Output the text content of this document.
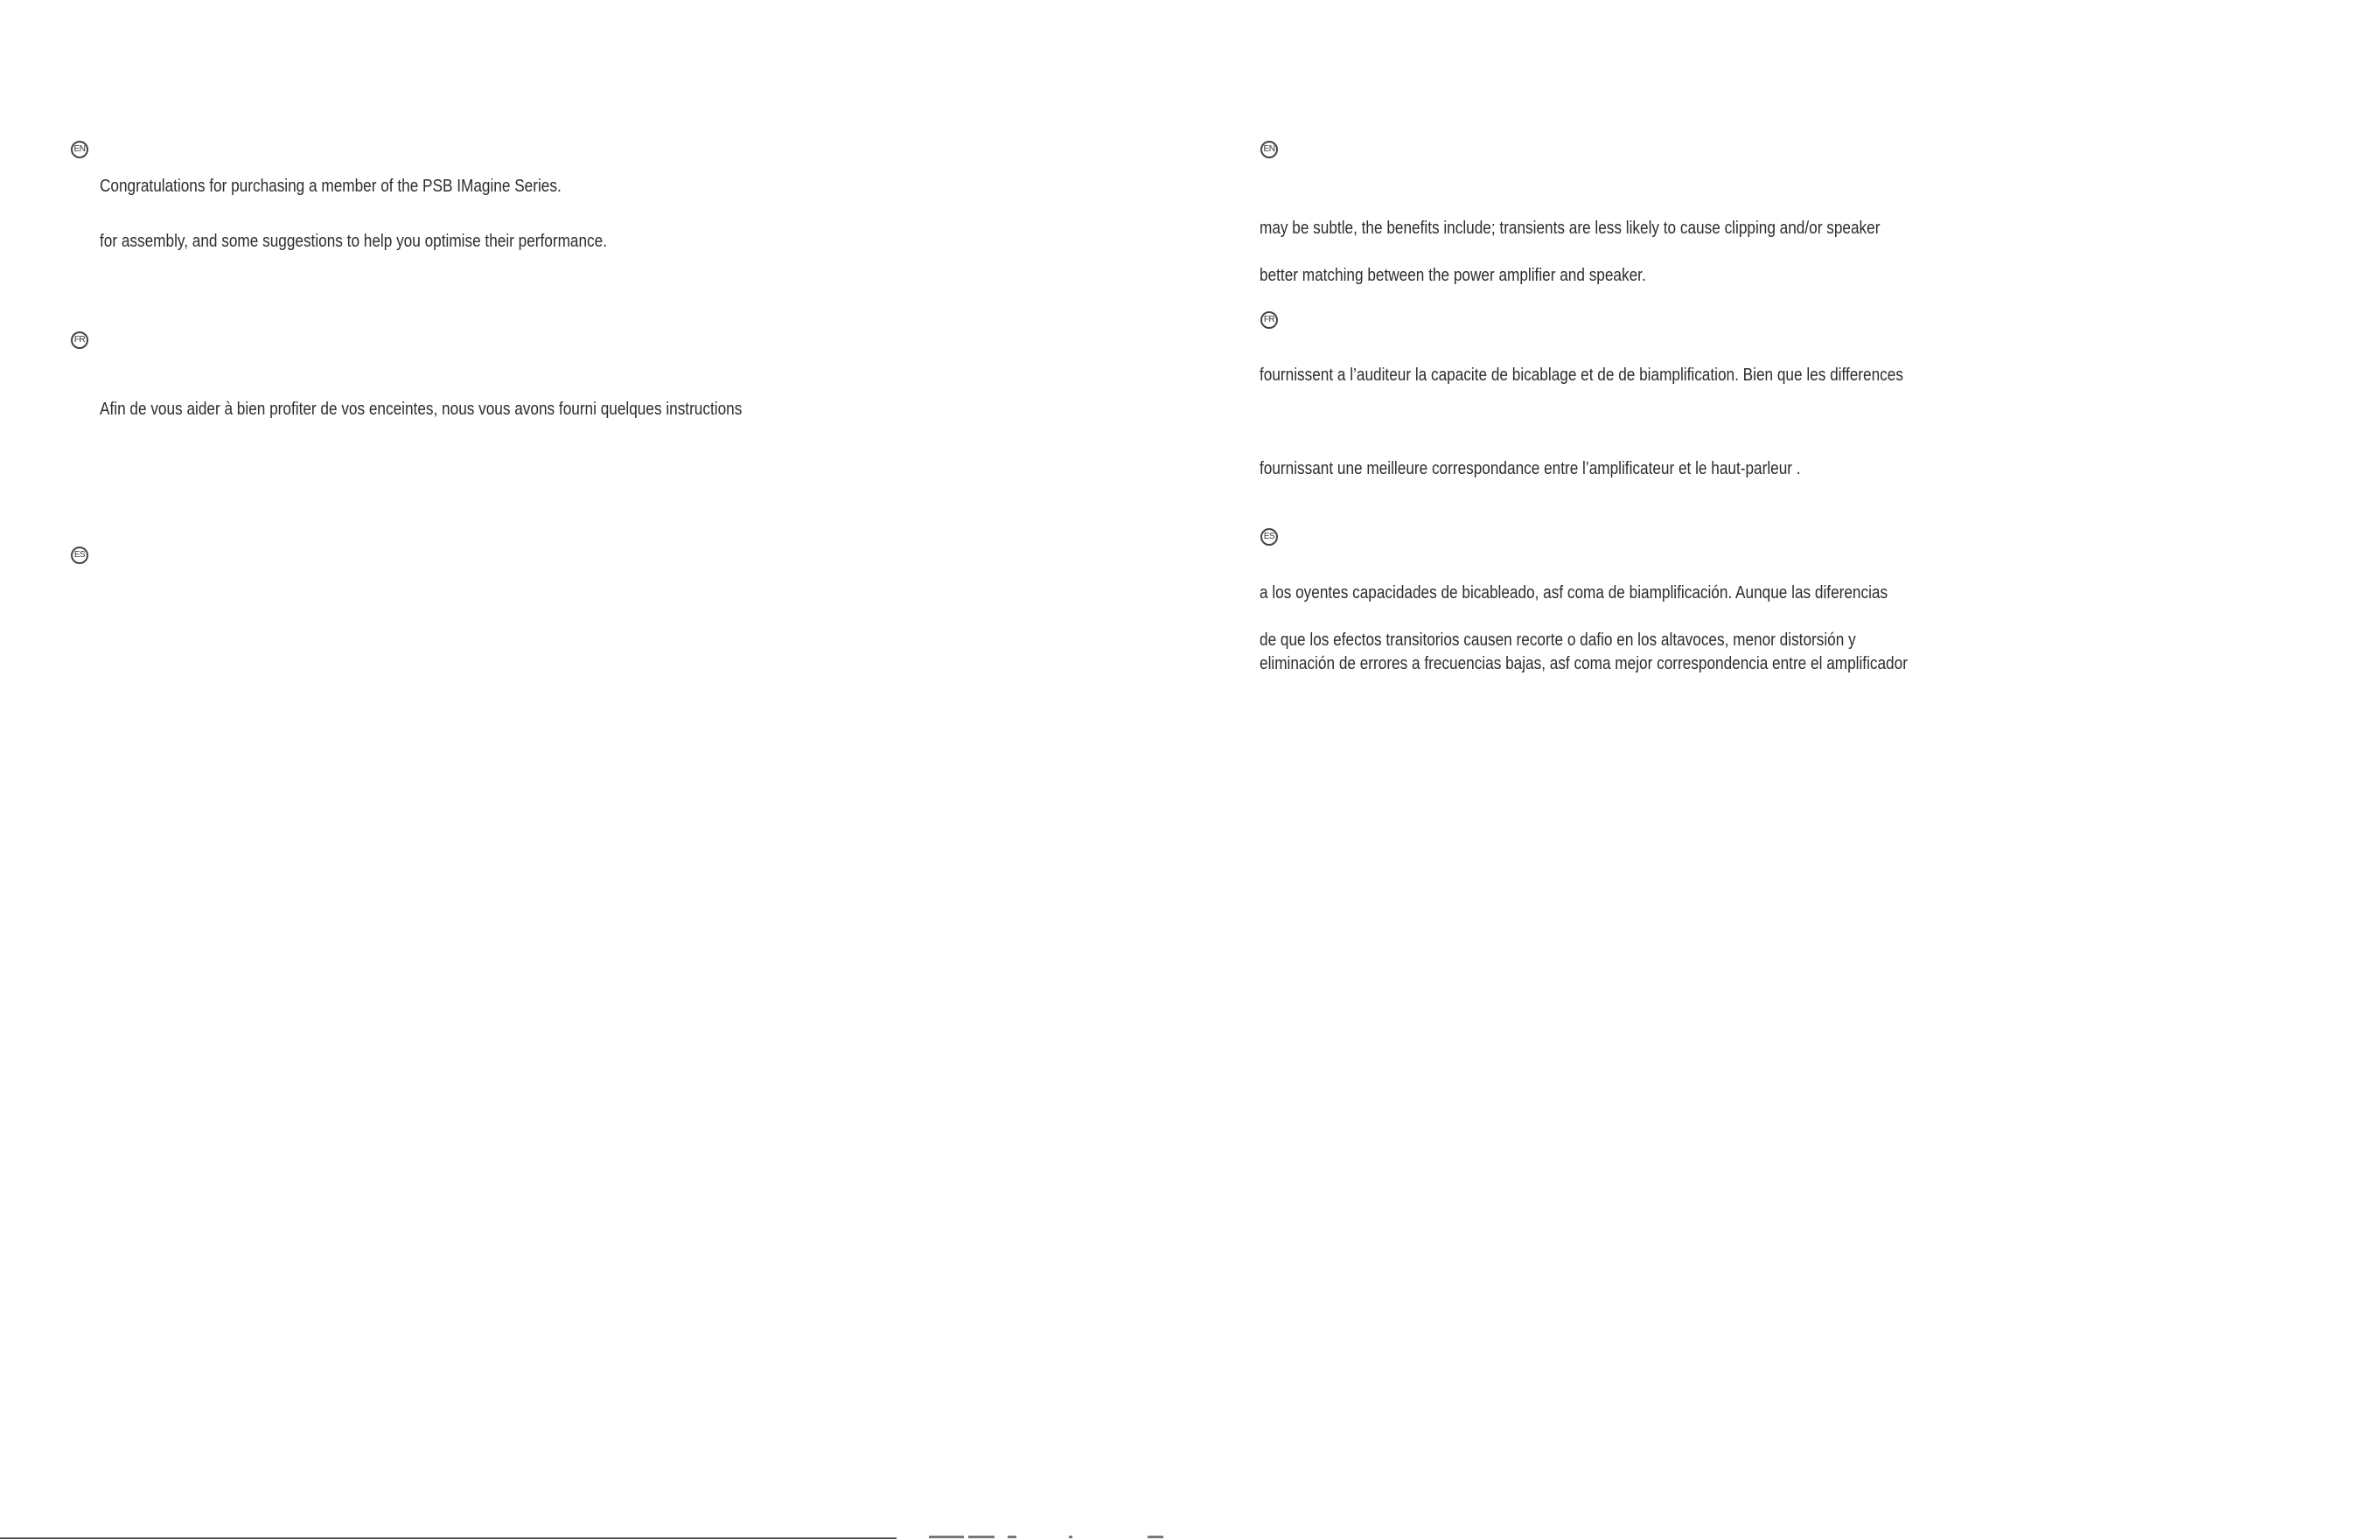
EN
Congratulations for purchasing a member of the PSB IMagine Series.
for assembly, and some suggestions to help you optimise their performance.
FR
Afin de vous aider à bien profiter de vos enceintes, nous vous avons fourni quelques instructions
ES
EN
may be subtle, the benefits include; transients are less likely to cause clipping and/or speaker
better matching between the power amplifier and speaker.
FR
fournissent a l’auditeur la capacite de bicablage et de de biamplification. Bien que les differences
fournissant une meilleure correspondance entre l’amplificateur et le haut-parleur .
ES
a los oyentes capacidades de bicableado, asf coma de biamplificación. Aunque las diferencias
de que los efectos transitorios causen recorte o dafio en los altavoces, menor distorsión y
eliminación de errores a frecuencias bajas, asf coma mejor correspondencia entre el amplificador
